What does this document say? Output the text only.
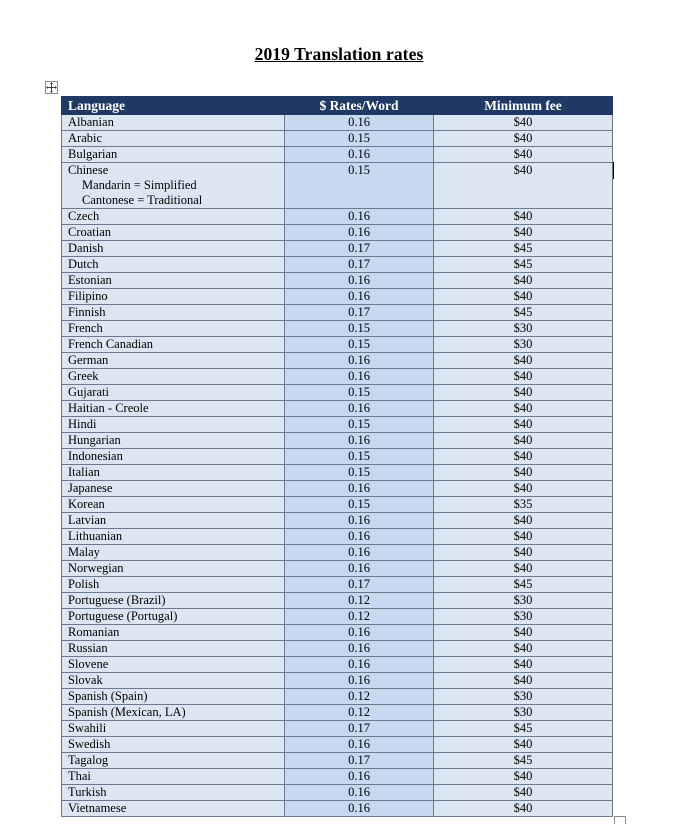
2019 Translation rates
Language	$ Rates/Word	Minimum fee
Albanian	0.16	$40
Arabic	0.15	$40
Bulgarian	0.16	$40
Chinese
Mandarin = Simplified
Cantonese = Traditional	0.15	$40
Czech	0.16	$40
Croatian	0.16	$40
Danish	0.17	$45
Dutch	0.17	$45
Estonian	0.16	$40
Filipino	0.16	$40
Finnish	0.17	$45
French	0.15	$30
French Canadian	0.15	$30
German	0.16	$40
Greek	0.16	$40
Gujarati	0.15	$40
Haitian - Creole	0.16	$40
Hindi	0.15	$40
Hungarian	0.16	$40
Indonesian	0.15	$40
Italian	0.15	$40
Japanese	0.16	$40
Korean	0.15	$35
Latvian	0.16	$40
Lithuanian	0.16	$40
Malay	0.16	$40
Norwegian	0.16	$40
Polish	0.17	$45
Portuguese (Brazil)	0.12	$30
Portuguese (Portugal)	0.12	$30
Romanian	0.16	$40
Russian	0.16	$40
Slovene	0.16	$40
Slovak	0.16	$40
Spanish (Spain)	0.12	$30
Spanish (Mexican, LA)	0.12	$30
Swahili	0.17	$45
Swedish	0.16	$40
Tagalog	0.17	$45
Thai	0.16	$40
Turkish	0.16	$40
Vietnamese	0.16	$40
